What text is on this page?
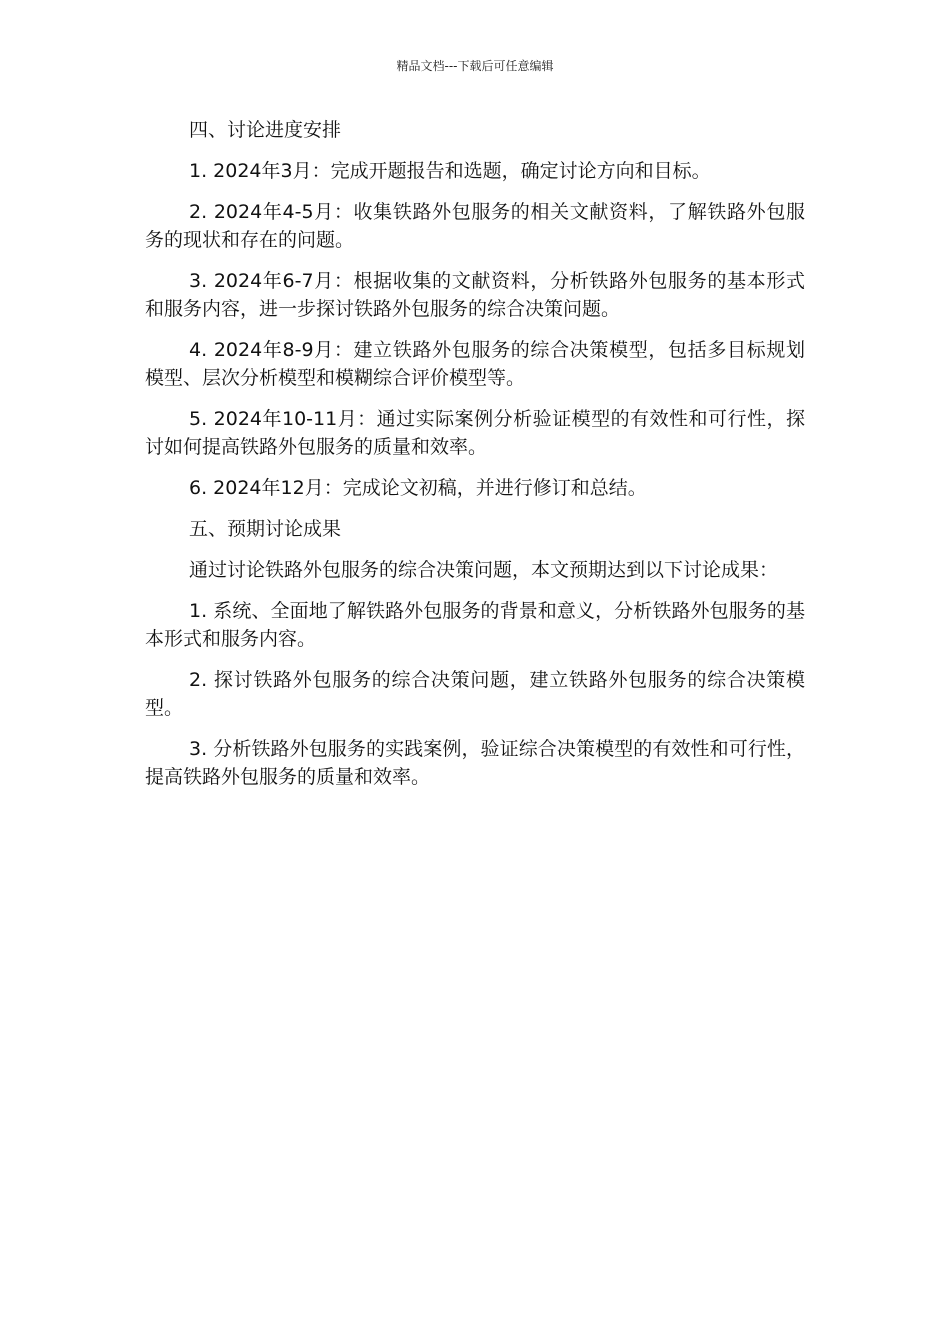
精品文档---下载后可任意编辑

四、讨论进度安排

1. 2024年3月：完成开题报告和选题，确定讨论方向和目标。

2. 2024年4-5月：收集铁路外包服务的相关文献资料，了解铁路外包服务的现状和存在的问题。

3. 2024年6-7月：根据收集的文献资料，分析铁路外包服务的基本形式和服务内容，进一步探讨铁路外包服务的综合决策问题。

4. 2024年8-9月：建立铁路外包服务的综合决策模型，包括多目标规划模型、层次分析模型和模糊综合评价模型等。

5. 2024年10-11月：通过实际案例分析验证模型的有效性和可行性，探讨如何提高铁路外包服务的质量和效率。

6. 2024年12月：完成论文初稿，并进行修订和总结。

五、预期讨论成果

通过讨论铁路外包服务的综合决策问题，本文预期达到以下讨论成果：

1. 系统、全面地了解铁路外包服务的背景和意义，分析铁路外包服务的基本形式和服务内容。

2. 探讨铁路外包服务的综合决策问题，建立铁路外包服务的综合决策模型。

3. 分析铁路外包服务的实践案例，验证综合决策模型的有效性和可行性，提高铁路外包服务的质量和效率。
